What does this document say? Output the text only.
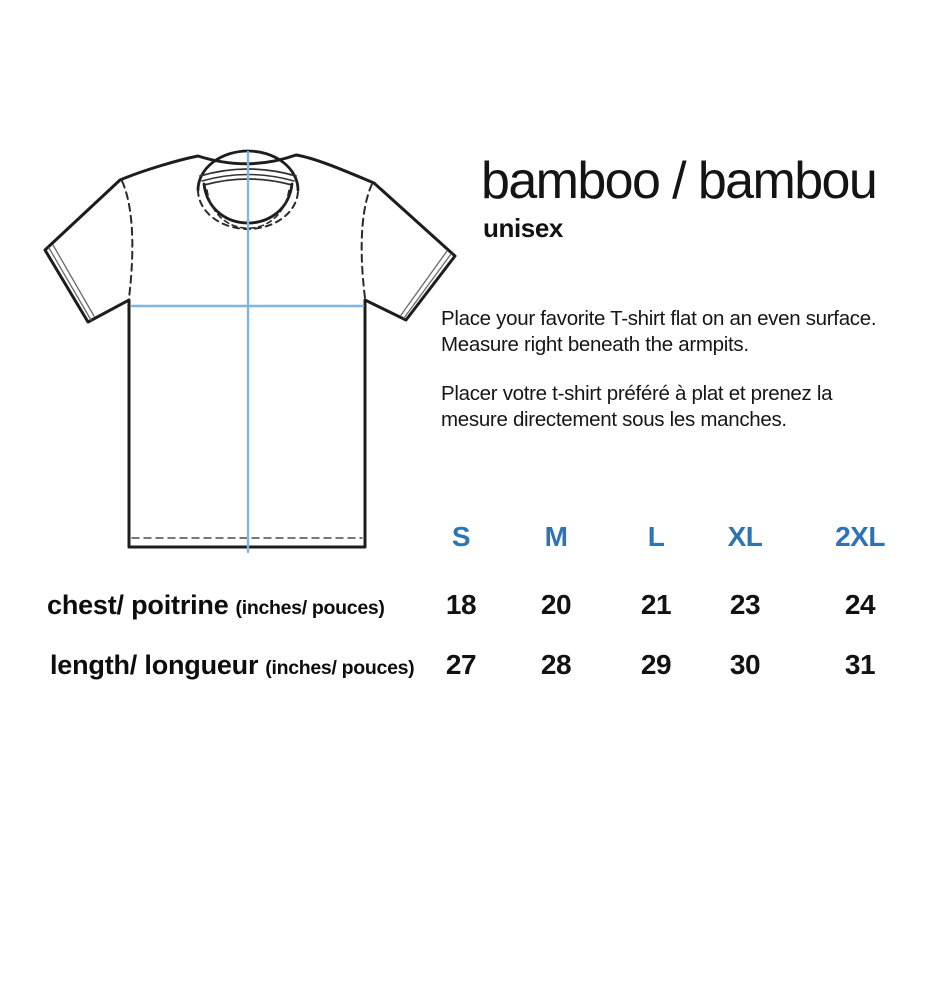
bamboo / bambou
unisex
Place your favorite T-shirt flat on an even surface.
Measure right beneath the armpits.
Placer votre t-shirt préféré à plat et prenez la
mesure directement sous les manches.
S	M	L XL	2XL
chest/ poitrine (inches/ pouces) 18 20 21 23	24
length/ longueur (inches/ pouces) 27 28 29 30	31
